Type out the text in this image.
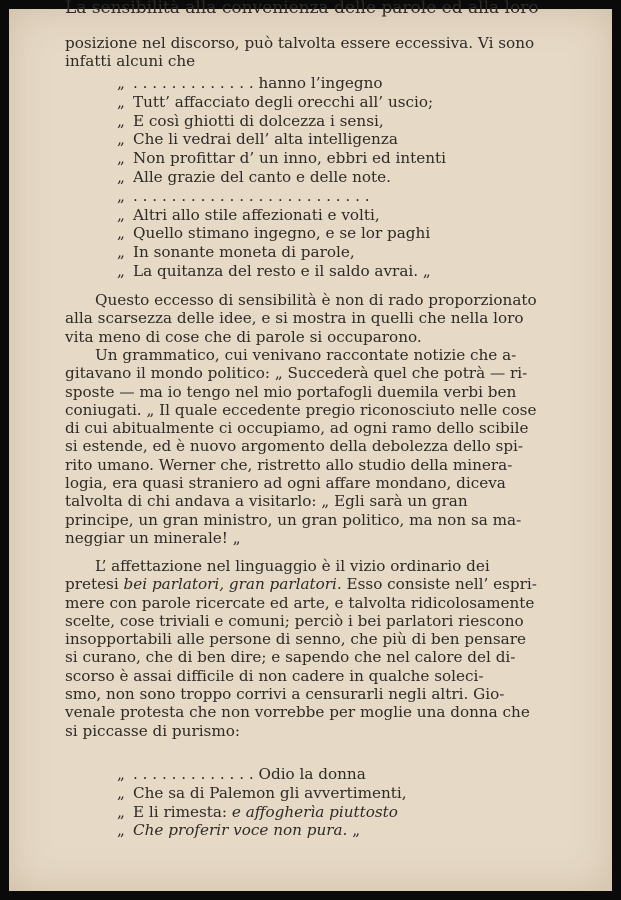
La sensibilità alla convenienza delle parole ed alla loro
posizione nel discorso, può talvolta essere eccessiva. Vi sono
infatti alcuni che
„ . . . . . . . . . . . . . hanno l’ingegno
„ Tutt’ affacciato degli orecchi all’ uscio;
„ E così ghiotti di dolcezza i sensi,
„ Che li vedrai dell’ alta intelligenza
„ Non profittar d’ un inno, ebbri ed intenti
„ Alle grazie del canto e delle note.
„ . . . . . . . . . . . . . . . . . . . . . . . . .
„ Altri allo stile affezionati e volti,
„ Quello stimano ingegno, e se lor paghi
„ In sonante moneta di parole,
„ La quitanza del resto e il saldo avrai. „
Questo eccesso di sensibilità è non di rado proporzionato
alla scarsezza delle idee, e si mostra in quelli che nella loro
vita meno di cose che di parole si occuparono.
Un grammatico, cui venivano raccontate notizie che a-
gitavano il mondo politico: „ Succederà quel che potrà — ri-
sposte — ma io tengo nel mio portafogli duemila verbi ben
coniugati. „ Il quale eccedente pregio riconosciuto nelle cose
di cui abitualmente ci occupiamo, ad ogni ramo dello scibile
si estende, ed è nuovo argomento della debolezza dello spi-
rito umano. Werner che, ristretto allo studio della minera-
logia, era quasi straniero ad ogni affare mondano, diceva
talvolta di chi andava a visitarlo: „ Egli sarà un gran
principe, un gran ministro, un gran politico, ma non sa ma-
neggiar un minerale! „
L’ affettazione nel linguaggio è il vizio ordinario dei
pretesi bei parlatori, gran parlatori. Esso consiste nell’ espri-
mere con parole ricercate ed arte, e talvolta ridicolosamente
scelte, cose triviali e comuni; perciò i bei parlatori riescono
insopportabili alle persone di senno, che più di ben pensare
si curano, che di ben dire; e sapendo che nel calore del di-
scorso è assai difficile di non cadere in qualche soleci-
smo, non sono troppo corrivi a censurarli negli altri. Gio-
venale protesta che non vorrebbe per moglie una donna che
si piccasse di purismo:
„ . . . . . . . . . . . . . Odio la donna
„ Che sa di Palemon gli avvertimenti,
„ E li rimesta: e affogherìa piuttosto
„ Che proferir voce non pura. „
